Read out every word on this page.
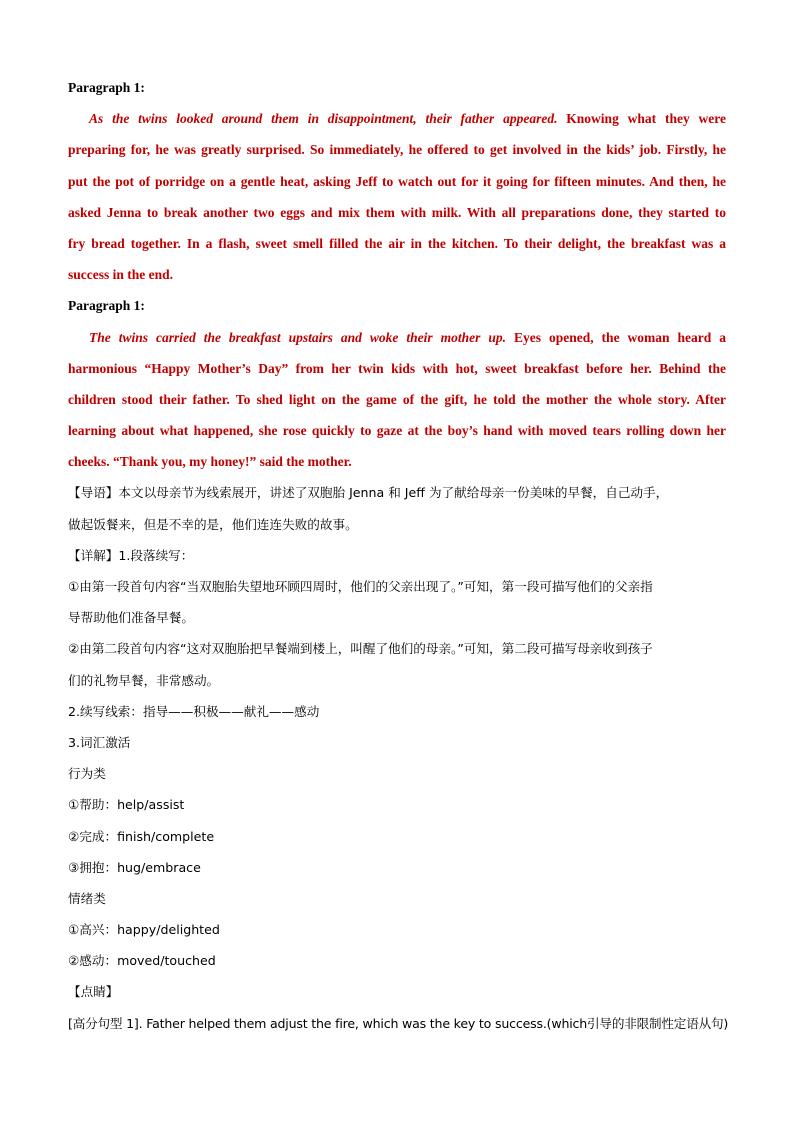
Paragraph 1:
As the twins looked around them in disappointment, their father appeared. Knowing what they were
preparing for, he was greatly surprised. So immediately, he offered to get involved in the kids’ job. Firstly, he
put the pot of porridge on a gentle heat, asking Jeff to watch out for it going for fifteen minutes. And then, he
asked Jenna to break another two eggs and mix them with milk. With all preparations done, they started to
fry bread together. In a flash, sweet smell filled the air in the kitchen. To their delight, the breakfast was a
success in the end.
Paragraph 1:
The twins carried the breakfast upstairs and woke their mother up. Eyes opened, the woman heard a
harmonious “Happy Mother’s Day” from her twin kids with hot, sweet breakfast before her. Behind the
children stood their father. To shed light on the game of the gift, he told the mother the whole story. After
learning about what happened, she rose quickly to gaze at the boy’s hand with moved tears rolling down her
cheeks. “Thank you, my honey!” said the mother.
【导语】本文以母亲节为线索展开，讲述了双胞胎 Jenna 和 Jeff 为了献给母亲一份美味的早餐，自己动手，
做起饭餐来，但是不幸的是，他们连连失败的故事。
【详解】1.段落续写：
①由第一段首句内容“当双胞胎失望地环顾四周时，他们的父亲出现了。”可知，第一段可描写他们的父亲指
导帮助他们准备早餐。
②由第二段首句内容“这对双胞胎把早餐端到楼上，叫醒了他们的母亲。”可知，第二段可描写母亲收到孩子
们的礼物早餐，非常感动。
2.续写线索：指导——积极——献礼——感动
3.词汇激活
行为类
①帮助：help/assist
②完成：finish/complete
③拥抱：hug/embrace
情绪类
①高兴：happy/delighted
②感动：moved/touched
【点睛】
[高分句型 1]. Father helped them adjust the fire, which was the key to success.(which引导的非限制性定语从句)
